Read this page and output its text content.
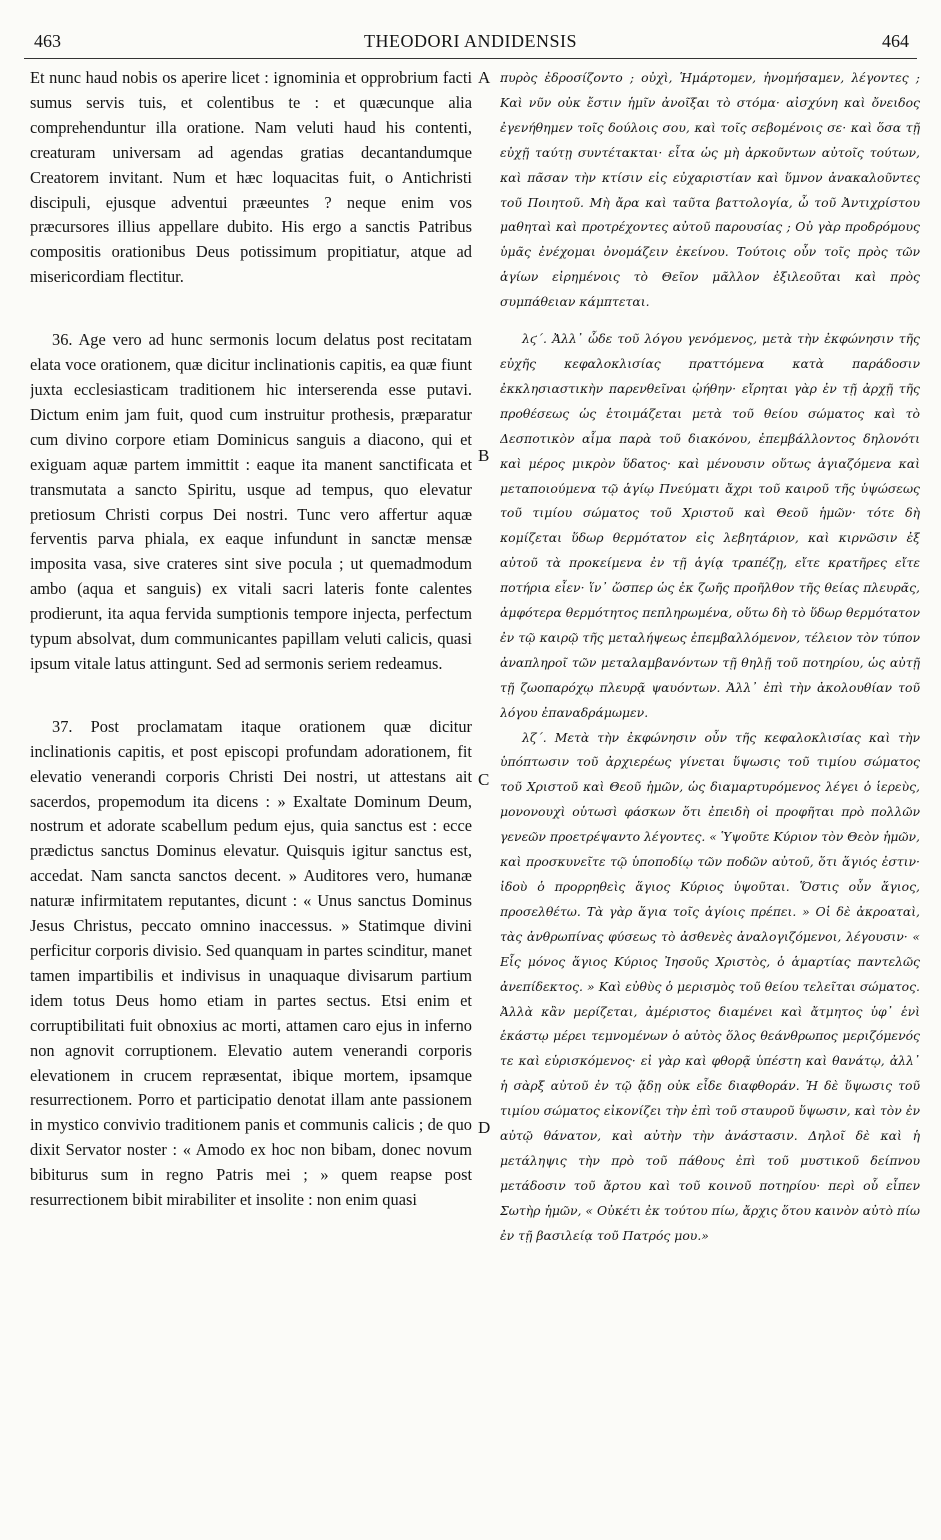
463	THEODORI ANDIDENSIS	464

Et nunc haud nobis os aperire licet : ignominia et opprobrium facti sumus servis tuis, et colentibus te : et quæcunque alia comprehenduntur illa oratione. Nam veluti haud his contenti, creaturam universam ad agendas gratias decantandumque Creatorem invitant. Num et hæc loquacitas fuit, o Antichristi discipuli, ejusque adventui præeuntes ? neque enim vos præcursores illius appellare dubito. His ergo a sanctis Patribus compositis orationibus Deus potissimum propitiatur, atque ad misericordiam flectitur.

36. Age vero ad hunc sermonis locum delatus post recitatam elata voce orationem, quæ dicitur inclinationis capitis, ea quæ fiunt juxta ecclesiasticam traditionem hic interserenda esse putavi. Dictum enim jam fuit, quod cum instruitur prothesis, præparatur cum divino corpore etiam Dominicus sanguis a diacono, qui et exiguam aquæ partem immittit : eaque ita manent sanctificata et transmutata a sancto Spiritu, usque ad tempus, quo elevatur pretiosum Christi corpus Dei nostri. Tunc vero affertur aquæ ferventis parva phiala, ex eaque infundunt in sanctæ mensæ imposita vasa, sive crateres sint sive pocula ; ut quemadmodum ambo (aqua et sanguis) ex vitali sacri lateris fonte calentes prodierunt, ita aqua fervida sumptionis tempore injecta, perfectum typum absolvat, dum communicantes papillam veluti calicis, quasi ipsum vitale latus attingunt. Sed ad sermonis seriem redeamus.

37. Post proclamatam itaque orationem quæ dicitur inclinationis capitis, et post episcopi profundam adorationem, fit elevatio venerandi corporis Christi Dei nostri, ut attestans ait sacerdos, propemodum ita dicens : » Exaltate Dominum Deum, nostrum et adorate scabellum pedum ejus, quia sanctus est : ecce prædictus sanctus Dominus elevatur. Quisquis igitur sanctus est, accedat. Nam sancta sanctos decent. » Auditores vero, humanæ naturæ infirmitatem reputantes, dicunt : « Unus sanctus Dominus Jesus Christus, peccato omnino inaccessus. » Statimque divini perficitur corporis divisio. Sed quanquam in partes scinditur, manet tamen impartibilis et indivisus in unaquaque divisarum partium idem totus Deus homo etiam in partes sectus. Etsi enim et corruptibilitati fuit obnoxius ac morti, attamen caro ejus in inferno non agnovit corruptionem. Elevatio autem venerandi corporis elevationem in crucem repræsentat, ibique mortem, ipsamque resurrectionem. Porro et participatio denotat illam ante passionem in mystico convivio traditionem panis et communis calicis ; de quo dixit Servator noster : « Amodo ex hoc non bibam, donec novum bibiturus sum in regno Patris mei ; » quem reapse post resurrectionem bibit mirabiliter et insolite : non enim quasi

πυρὸς ἐδροσίζοντο ; οὐχὶ, Ἡμάρτομεν, ἠνομήσαμεν, λέγοντες ; Καὶ νῦν οὐκ ἔστιν ἡμῖν ἀνοῖξαι τὸ στόμα· αἰσχύνη καὶ ὄνειδος ἐγενήθημεν τοῖς δούλοις σου, καὶ τοῖς σεβομένοις σε· καὶ ὅσα τῇ εὐχῇ ταύτῃ συντέτακται· εἶτα ὡς μὴ ἀρκοῦντων αὐτοῖς τούτων, καὶ πᾶσαν τὴν κτίσιν εἰς εὐχαριστίαν καὶ ὕμνον ἀνακαλοῦντες τοῦ Ποιητοῦ. Μὴ ἄρα καὶ ταῦτα βαττολογία, ὦ τοῦ Ἀντιχρίστου μαθηταὶ καὶ προτρέχοντες αὐτοῦ παρουσίας ; Οὐ γὰρ προδρόμους ὑμᾶς ἐνέχομαι ὀνομάζειν ἐκείνου. Τούτοις οὖν τοῖς πρὸς τῶν ἁγίων εἰρημένοις τὸ Θεῖον μᾶλλον ἐξιλεοῦται καὶ πρὸς συμπάθειαν κάμπτεται.

λϛ΄. Ἀλλ᾽ ὧδε τοῦ λόγου γενόμενος, μετὰ τὴν ἐκφώνησιν τῆς εὐχῆς κεφαλοκλισίας πραττόμενα κατὰ παράδοσιν ἐκκλησιαστικὴν παρενθεῖναι ᾠήθην· εἴρηται γὰρ ἐν τῇ ἀρχῇ τῆς προθέσεως ὡς ἑτοιμάζεται μετὰ τοῦ θείου σώματος καὶ τὸ Δεσποτικὸν αἷμα παρὰ τοῦ διακόνου, ἐπεμβάλλοντος δηλονότι καὶ μέρος μικρὸν ὕδατος· καὶ μένουσιν οὕτως ἁγιαζόμενα καὶ μεταποιούμενα τῷ ἁγίῳ Πνεύματι ἄχρι τοῦ καιροῦ τῆς ὑψώσεως τοῦ τιμίου σώματος τοῦ Χριστοῦ καὶ Θεοῦ ἡμῶν· τότε δὴ κομίζεται ὕδωρ θερμότατον εἰς λεβητάριον, καὶ κιρνῶσιν ἐξ αὐτοῦ τὰ προκείμενα ἐν τῇ ἁγίᾳ τραπέζῃ, εἴτε κρατῆρες εἴτε ποτήρια εἶεν· ἵν᾽ ὥσπερ ὡς ἐκ ζωῆς προῆλθον τῆς θείας πλευρᾶς, ἀμφότερα θερμότητος πεπληρωμένα, οὕτω δὴ τὸ ὕδωρ θερμότατον ἐν τῷ καιρῷ τῆς μεταλήψεως ἐπεμβαλλόμενον, τέλειον τὸν τύπον ἀναπληροῖ τῶν μεταλαμβανόντων τῇ θηλῇ τοῦ ποτηρίου, ὡς αὐτῇ τῇ ζωοπαρόχῳ πλευρᾷ ψαυόντων. Ἀλλ᾽ ἐπὶ τὴν ἀκολουθίαν τοῦ λόγου ἐπαναδράμωμεν.

λζ΄. Μετὰ τὴν ἐκφώνησιν οὖν τῆς κεφαλοκλισίας καὶ τὴν ὑπόπτωσιν τοῦ ἀρχιερέως γίνεται ὕψωσις τοῦ τιμίου σώματος τοῦ Χριστοῦ καὶ Θεοῦ ἡμῶν, ὡς διαμαρτυρόμενος λέγει ὁ ἱερεὺς, μονονουχὶ οὑτωσὶ φάσκων ὅτι ἐπειδὴ οἱ προφῆται πρὸ πολλῶν γενεῶν προετρέψαντο λέγοντες. « Ὑψοῦτε Κύριον τὸν Θεὸν ἡμῶν, καὶ προσκυνεῖτε τῷ ὑποποδίῳ τῶν ποδῶν αὐτοῦ, ὅτι ἅγιός ἐστιν· ἰδοὺ ὁ προρρηθεὶς ἅγιος Κύριος ὑψοῦται. Ὅστις οὖν ἅγιος, προσελθέτω. Τὰ γὰρ ἅγια τοῖς ἁγίοις πρέπει. » Οἱ δὲ ἀκροαταὶ, τὰς ἀνθρωπίνας φύσεως τὸ ἀσθενὲς ἀναλογιζόμενοι, λέγουσιν· « Εἷς μόνος ἅγιος Κύριος Ἰησοῦς Χριστὸς, ὁ ἁμαρτίας παντελῶς ἀνεπίδεκτος. » Καὶ εὐθὺς ὁ μερισμὸς τοῦ θείου τελεῖται σώματος. Ἀλλὰ κἂν μερίζεται, ἀμέριστος διαμένει καὶ ἄτμητος ὑφ᾽ ἑνὶ ἑκάστῳ μέρει τεμνομένων ὁ αὐτὸς ὅλος θεάνθρωπος μεριζόμενός τε καὶ εὑρισκόμενος· εἰ γὰρ καὶ φθορᾷ ὑπέστη καὶ θανάτῳ, ἀλλ᾽ ἡ σὰρξ αὐτοῦ ἐν τῷ ᾅδῃ οὐκ εἶδε διαφθοράν. Ἡ δὲ ὕψωσις τοῦ τιμίου σώματος εἰκονίζει τὴν ἐπὶ τοῦ σταυροῦ ὕψωσιν, καὶ τὸν ἐν αὐτῷ θάνατον, καὶ αὐτὴν τὴν ἀνάστασιν. Δηλοῖ δὲ καὶ ἡ μετάληψις τὴν πρὸ τοῦ πάθους ἐπὶ τοῦ μυστικοῦ δείπνου μετάδοσιν τοῦ ἄρτου καὶ τοῦ κοινοῦ ποτηρίου· περὶ οὗ εἶπεν Σωτὴρ ἡμῶν, « Οὐκέτι ἐκ τούτου πίω, ἄρχις ὅτου καινὸν αὐτὸ πίω ἐν τῇ βασιλείᾳ τοῦ Πατρός μου.»

A
B
C
D
